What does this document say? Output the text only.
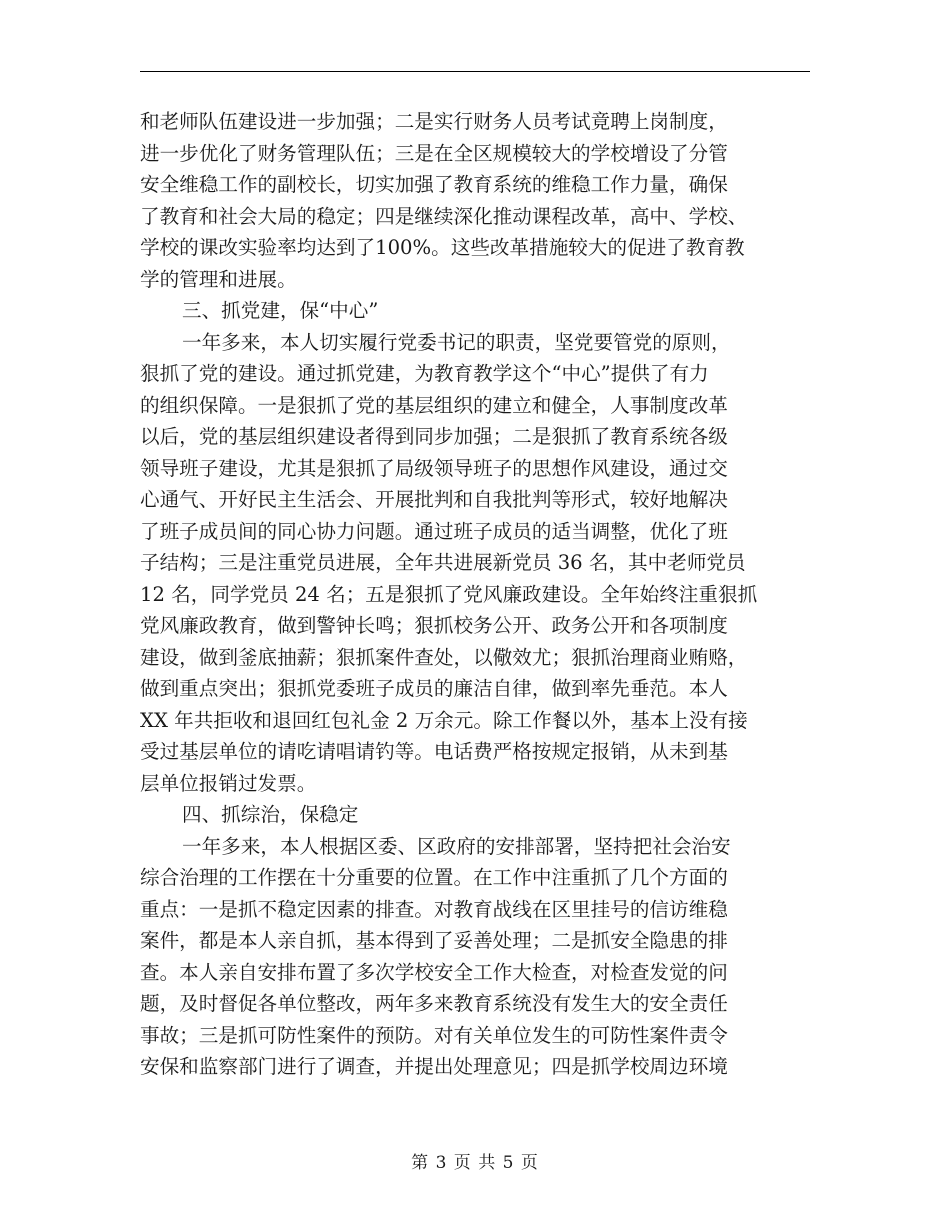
和老师队伍建设进一步加强；二是实行财务人员考试竟聘上岗制度，
进一步优化了财务管理队伍；三是在全区规模较大的学校增设了分管
安全维稳工作的副校长，切实加强了教育系统的维稳工作力量，确保
了教育和社会大局的稳定；四是继续深化推动课程改革，高中、学校、
学校的课改实验率均达到了100%。这些改革措施较大的促进了教育教
学的管理和进展。
三、抓党建，保“中心”
一年多来，本人切实履行党委书记的职责，坚党要管党的原则，
狠抓了党的建设。通过抓党建，为教育教学这个“中心”提供了有力
的组织保障。一是狠抓了党的基层组织的建立和健全，人事制度改革
以后，党的基层组织建设者得到同步加强；二是狠抓了教育系统各级
领导班子建设，尤其是狠抓了局级领导班子的思想作风建设，通过交
心通气、开好民主生活会、开展批判和自我批判等形式，较好地解决
了班子成员间的同心协力问题。通过班子成员的适当调整，优化了班
子结构；三是注重党员进展，全年共进展新党员 36 名，其中老师党员
12 名，同学党员 24 名；五是狠抓了党风廉政建设。全年始终注重狠抓
党风廉政教育，做到警钟长鸣；狠抓校务公开、政务公开和各项制度
建设，做到釜底抽薪；狠抓案件查处，以儆效尤；狠抓治理商业贿赂，
做到重点突出；狠抓党委班子成员的廉洁自律，做到率先垂范。本人
XX 年共拒收和退回红包礼金 2 万余元。除工作餐以外，基本上没有接
受过基层单位的请吃请唱请钓等。电话费严格按规定报销，从未到基
层单位报销过发票。
四、抓综治，保稳定
一年多来，本人根据区委、区政府的安排部署，坚持把社会治安
综合治理的工作摆在十分重要的位置。在工作中注重抓了几个方面的
重点：一是抓不稳定因素的排查。对教育战线在区里挂号的信访维稳
案件，都是本人亲自抓，基本得到了妥善处理；二是抓安全隐患的排
查。本人亲自安排布置了多次学校安全工作大检查，对检查发觉的问
题，及时督促各单位整改，两年多来教育系统没有发生大的安全责任
事故；三是抓可防性案件的预防。对有关单位发生的可防性案件责令
安保和监察部门进行了调查，并提出处理意见；四是抓学校周边环境
第 3 页 共 5 页
